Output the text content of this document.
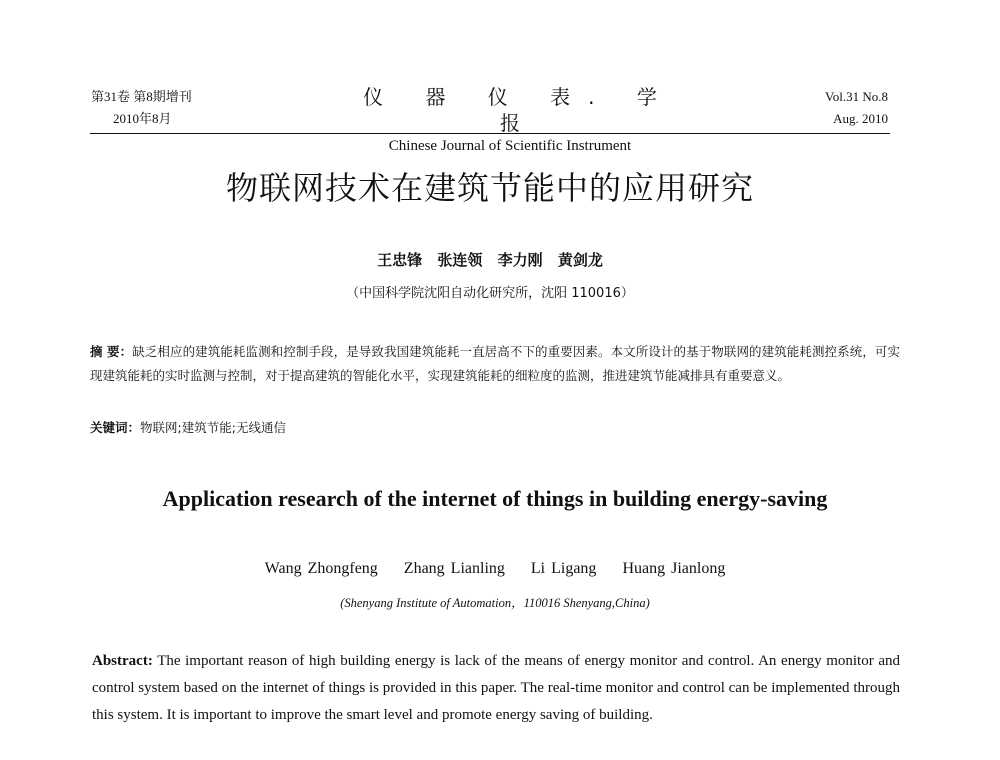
第31卷 第8期增刊
2010年8月
仪 器 仪 表. 学 报
Chinese Journal of Scientific Instrument
Vol.31 No.8
Aug. 2010
物联网技术在建筑节能中的应用研究
王忠锋 张连领 李力刚 黄剑龙
（中国科学院沈阳自动化研究所，沈阳 110016）
摘 要：缺乏相应的建筑能耗监测和控制手段，是导致我国建筑能耗一直居高不下的重要因素。本文所设计的基于物联网的建筑能耗测控系统，可实现建筑能耗的实时监测与控制，对于提高建筑的智能化水平，实现建筑能耗的细粒度的监测，推进建筑节能减排具有重要意义。
关键词：物联网;建筑节能;无线通信
Application research of the internet of things in building energy-saving
Wang Zhongfeng Zhang Lianling Li Ligang Huang Jianlong
(Shenyang Institute of Automation，110016 Shenyang,China)
Abstract: The important reason of high building energy is lack of the means of energy monitor and control. An energy monitor and control system based on the internet of things is provided in this paper. The real-time monitor and control can be implemented through this system. It is important to improve the smart level and promote energy saving of building.
